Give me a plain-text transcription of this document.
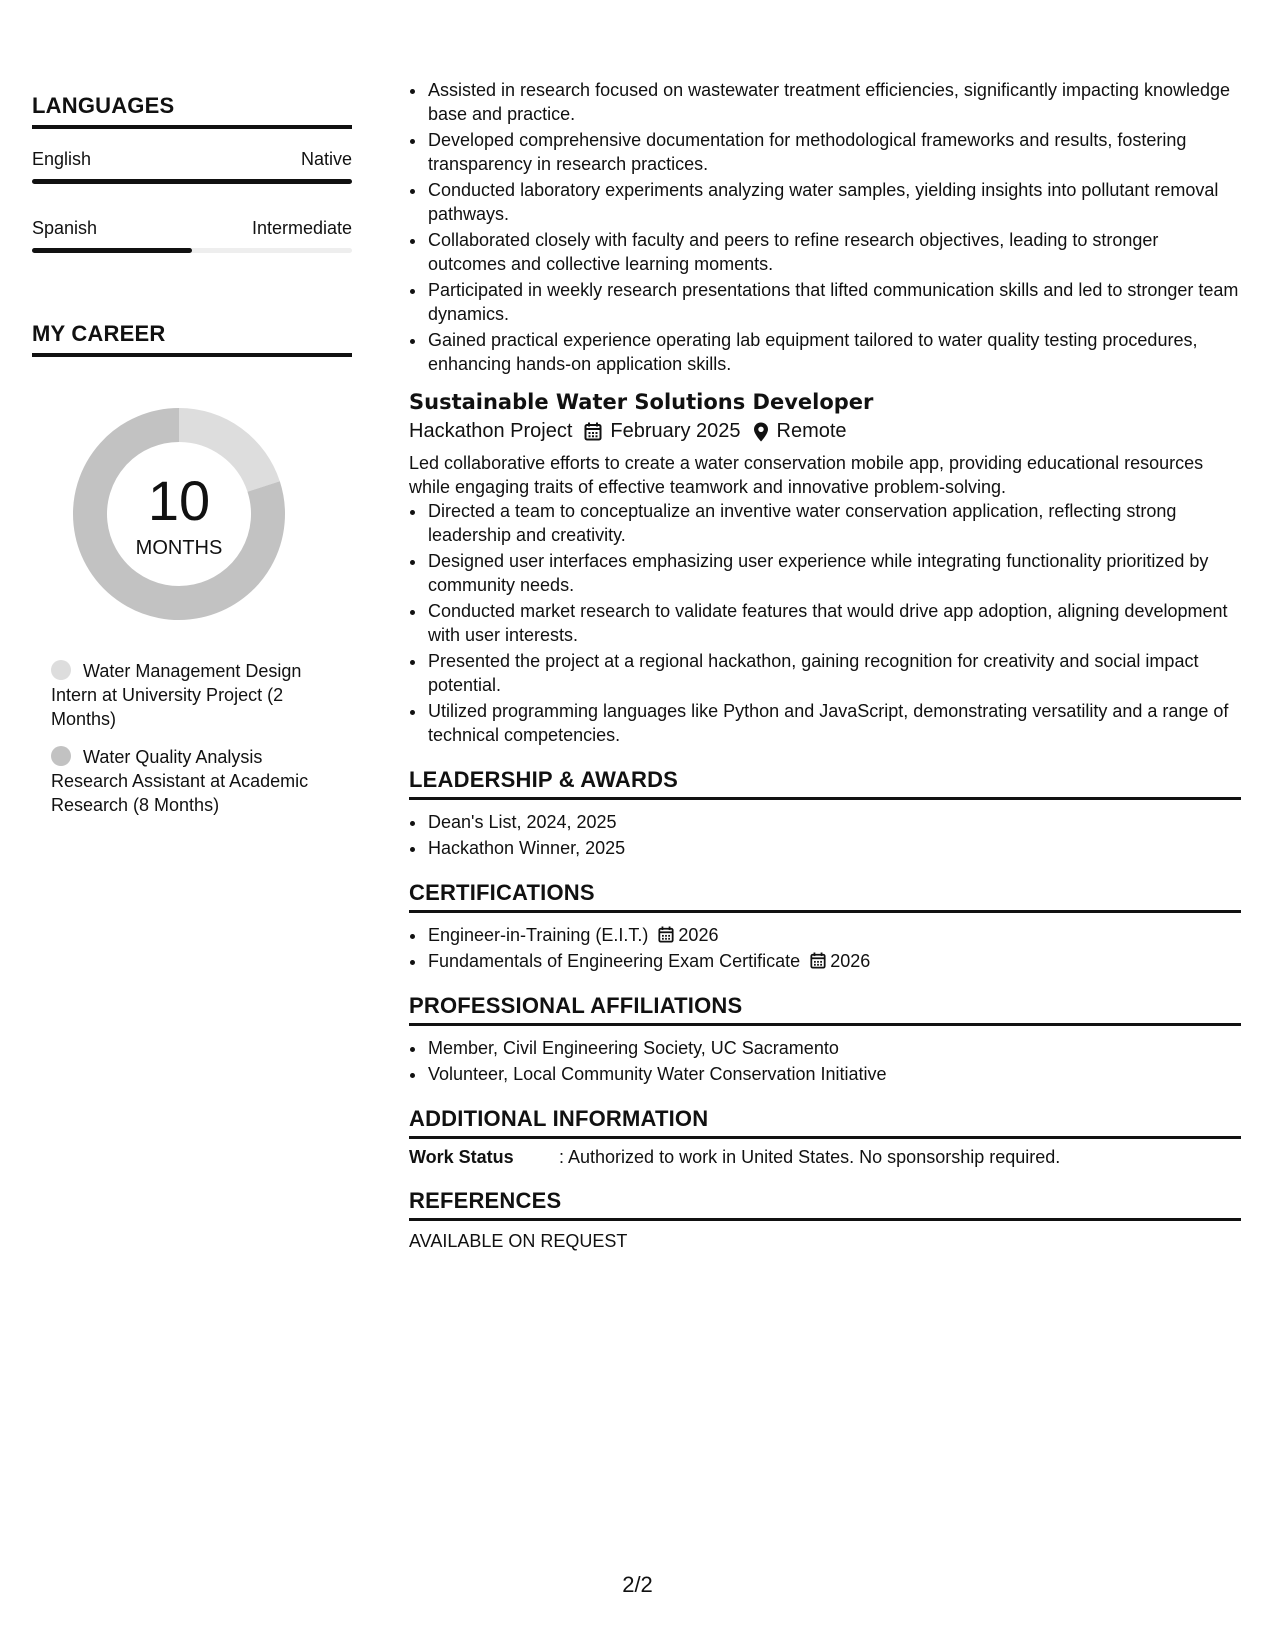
LANGUAGES
English	Native
Spanish	Intermediate
MY CAREER
10
MONTHS
Water Management Design Intern at University Project (2 Months)
Water Quality Analysis Research Assistant at Academic Research (8 Months)
• Assisted in research focused on wastewater treatment efficiencies, significantly impacting knowledge base and practice.
• Developed comprehensive documentation for methodological frameworks and results, fostering transparency in research practices.
• Conducted laboratory experiments analyzing water samples, yielding insights into pollutant removal pathways.
• Collaborated closely with faculty and peers to refine research objectives, leading to stronger outcomes and collective learning moments.
• Participated in weekly research presentations that lifted communication skills and led to stronger team dynamics.
• Gained practical experience operating lab equipment tailored to water quality testing procedures, enhancing hands-on application skills.
Sustainable Water Solutions Developer
Hackathon Project February 2025 Remote
Led collaborative efforts to create a water conservation mobile app, providing educational resources while engaging traits of effective teamwork and innovative problem-solving.
• Directed a team to conceptualize an inventive water conservation application, reflecting strong leadership and creativity.
• Designed user interfaces emphasizing user experience while integrating functionality prioritized by community needs.
• Conducted market research to validate features that would drive app adoption, aligning development with user interests.
• Presented the project at a regional hackathon, gaining recognition for creativity and social impact potential.
• Utilized programming languages like Python and JavaScript, demonstrating versatility and a range of technical competencies.
LEADERSHIP & AWARDS
• Dean's List, 2024, 2025
• Hackathon Winner, 2025
CERTIFICATIONS
• Engineer-in-Training (E.I.T.) 2026
• Fundamentals of Engineering Exam Certificate 2026
PROFESSIONAL AFFILIATIONS
• Member, Civil Engineering Society, UC Sacramento
• Volunteer, Local Community Water Conservation Initiative
ADDITIONAL INFORMATION
Work Status	: Authorized to work in United States. No sponsorship required.
REFERENCES
AVAILABLE ON REQUEST
2/2
